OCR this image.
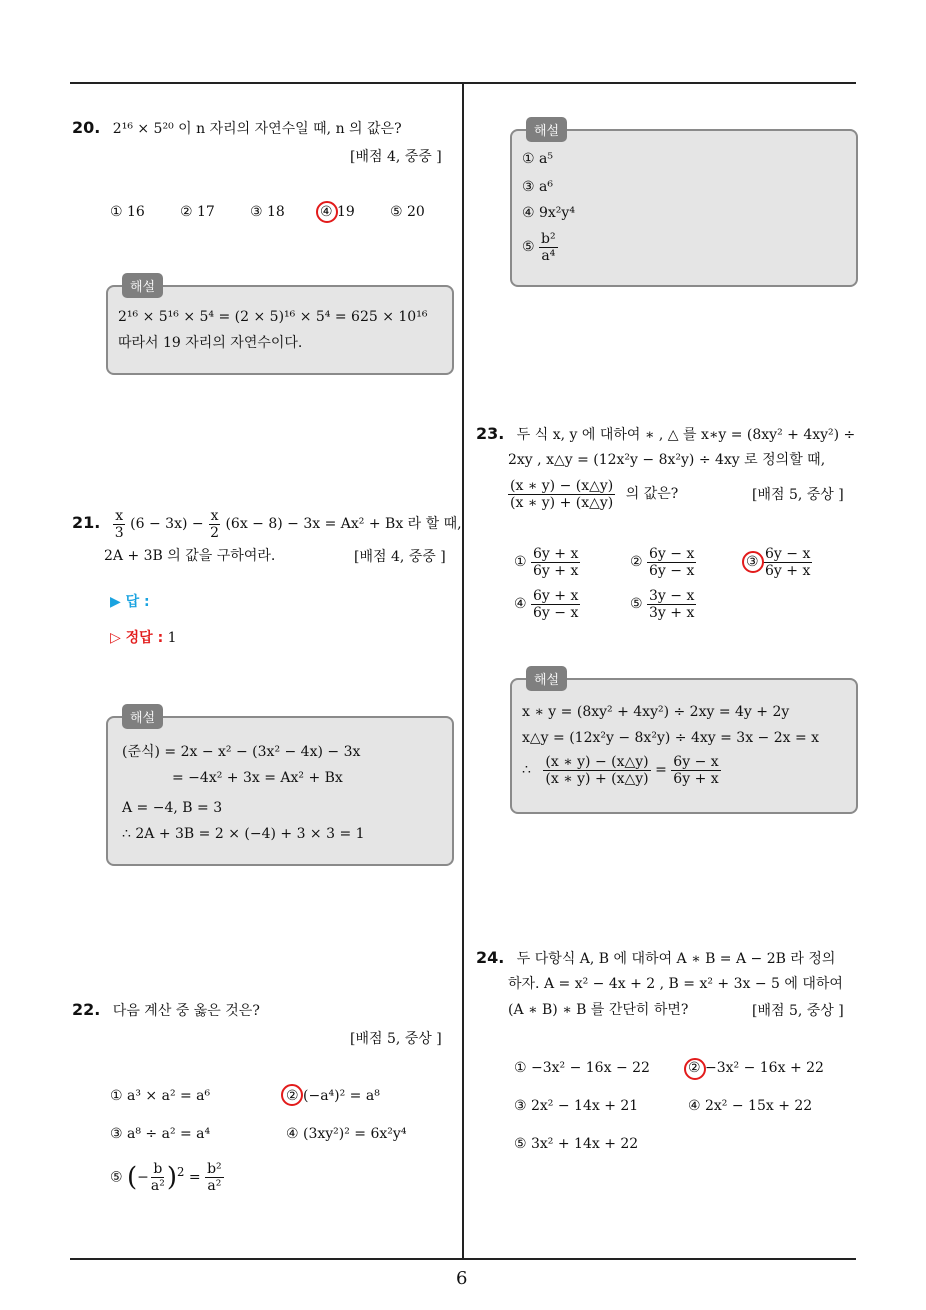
6
20. 2¹⁶ × 5²⁰ 이 n 자리의 자연수일 때, n 의 값은?
[배점 4, 중중 ]
① 16	② 17	③ 18	④ 19	⑤ 20
해설
2¹⁶ × 5¹⁶ × 5⁴ = (2 × 5)¹⁶ × 5⁴ = 625 × 10¹⁶
따라서 19 자리의 자연수이다.
21. $\frac{x}{3} (6 - 3x) - \frac{x}{2} (6x - 8) - 3x = Ax^2 + Bx$ 라 할 때,
2A + 3B 의 값을 구하여라.	[배점 4, 중중 ]
▶ 답 :
▷ 정답 : 1
해설
(준식) = 2x − x² − (3x² − 4x) − 3x
= −4x² + 3x = Ax² + Bx
A = −4, B = 3
∴ 2A + 3B = 2 × (−4) + 3 × 3 = 1
22. 다음 계산 중 옳은 것은?
[배점 5, 중상 ]
① a³ × a² = a⁶	② (−a⁴)² = a⁸
③ a⁸ ÷ a² = a⁴	④ (3xy²)² = 6x²y⁴
⑤ (− $\frac{b}{\text{a²}} )^2 = \frac{\text{b²}}{\text{a²}}$
해설
① a⁵
③ a⁶
④ 9x²y⁴
⑤ $\frac{\text{b²}}{\text{a⁴}}$
23. 두 식 x, y 에 대하여 ∗ , △ 를 x∗y = (8xy² + 4xy²) ÷
2xy , x△y = (12x²y − 8x²y) ÷ 4xy 로 정의할 때,
$\frac{(x ∗ y) - (x\triangle y)}{(x ∗ y) + (x\triangle y)}$ 의 값은?	[배점 5, 중상 ]
① $\frac{6y + x}{6y + x}$	② $\frac{6y - x}{6y - x}$	③ $\frac{6y - x}{6y + x}$
④ $\frac{6y + x}{6y - x}$	⑤ $\frac{3y - x}{3y + x}$
해설
x ∗ y = (8xy² + 4xy²) ÷ 2xy = 4y + 2y
x△y = (12x²y − 8x²y) ÷ 4xy = 3x − 2x = x
∴ $\frac{(x ∗ y) - (x\triangle y)}{(x ∗ y) + (x\triangle y)} = \frac{6y - x}{6y + x}$
24. 두 다항식 A, B 에 대하여 A ∗ B = A − 2B 라 정의
하자. A = x² − 4x + 2 , B = x² + 3x − 5 에 대하여
(A ∗ B) ∗ B 를 간단히 하면?	[배점 5, 중상 ]
① −3x² − 16x − 22	② −3x² − 16x + 22
③ 2x² − 14x + 21	④ 2x² − 15x + 22
⑤ 3x² + 14x + 22
